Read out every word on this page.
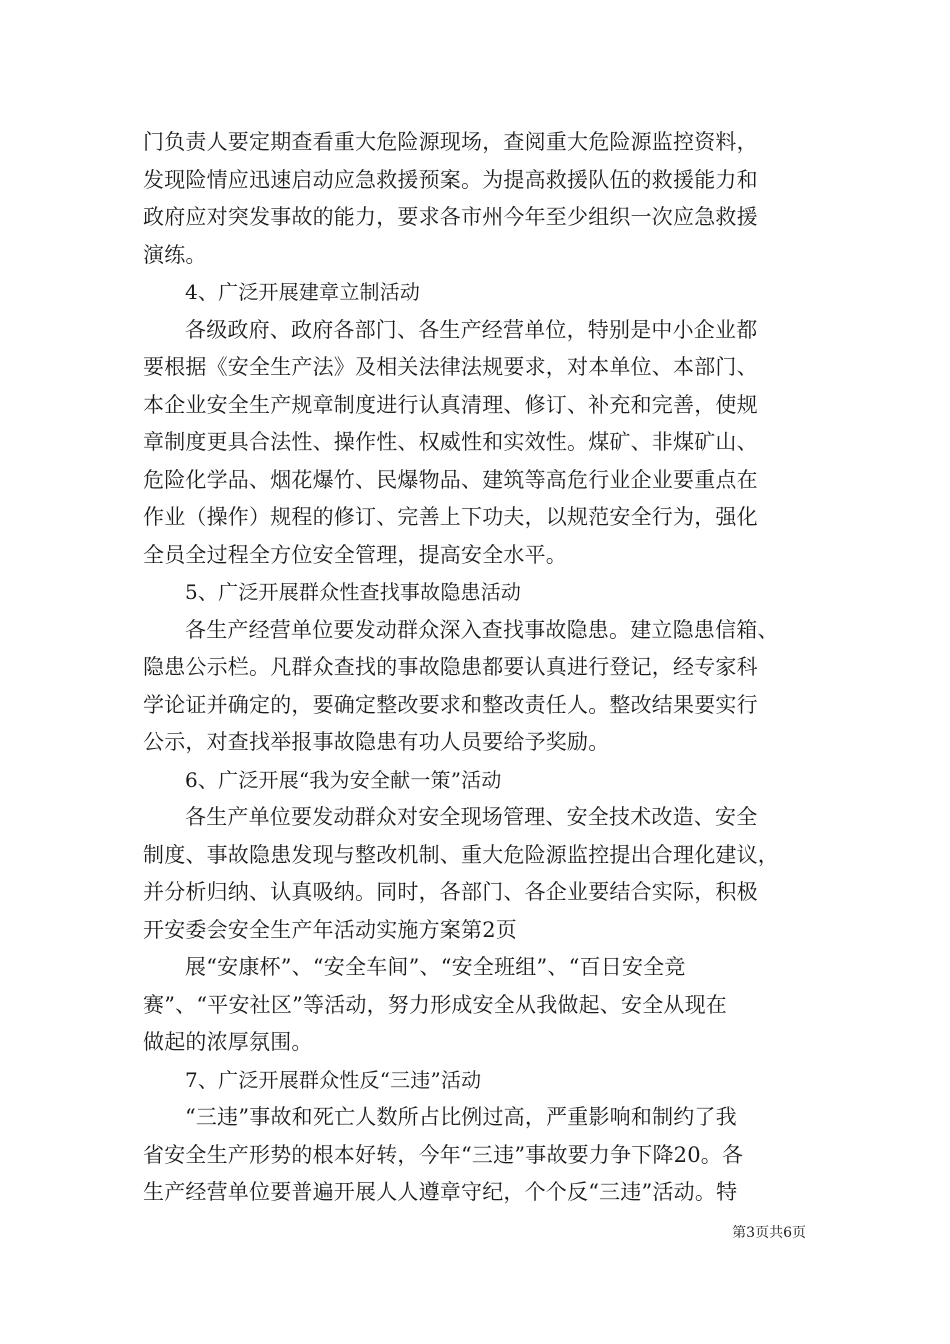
门负责人要定期查看重大危险源现场，查阅重大危险源监控资料，
发现险情应迅速启动应急救援预案。为提高救援队伍的救援能力和
政府应对突发事故的能力，要求各市州今年至少组织一次应急救援
演练。
4、广泛开展建章立制活动
各级政府、政府各部门、各生产经营单位，特别是中小企业都
要根据《安全生产法》及相关法律法规要求，对本单位、本部门、
本企业安全生产规章制度进行认真清理、修订、补充和完善，使规
章制度更具合法性、操作性、权威性和实效性。煤矿、非煤矿山、
危险化学品、烟花爆竹、民爆物品、建筑等高危行业企业要重点在
作业（操作）规程的修订、完善上下功夫，以规范安全行为，强化
全员全过程全方位安全管理，提高安全水平。
5、广泛开展群众性查找事故隐患活动
各生产经营单位要发动群众深入查找事故隐患。建立隐患信箱、
隐患公示栏。凡群众查找的事故隐患都要认真进行登记，经专家科
学论证并确定的，要确定整改要求和整改责任人。整改结果要实行
公示，对查找举报事故隐患有功人员要给予奖励。
6、广泛开展“我为安全献一策”活动
各生产单位要发动群众对安全现场管理、安全技术改造、安全
制度、事故隐患发现与整改机制、重大危险源监控提出合理化建议，
并分析归纳、认真吸纳。同时，各部门、各企业要结合实际，积极
开安委会安全生产年活动实施方案第2页
展“安康杯”、“安全车间”、“安全班组”、“百日安全竞
赛”、“平安社区”等活动，努力形成安全从我做起、安全从现在
做起的浓厚氛围。
7、广泛开展群众性反“三违”活动
“三违”事故和死亡人数所占比例过高，严重影响和制约了我
省安全生产形势的根本好转，今年“三违”事故要力争下降20。各
生产经营单位要普遍开展人人遵章守纪，个个反“三违”活动。特
第3页共6页
